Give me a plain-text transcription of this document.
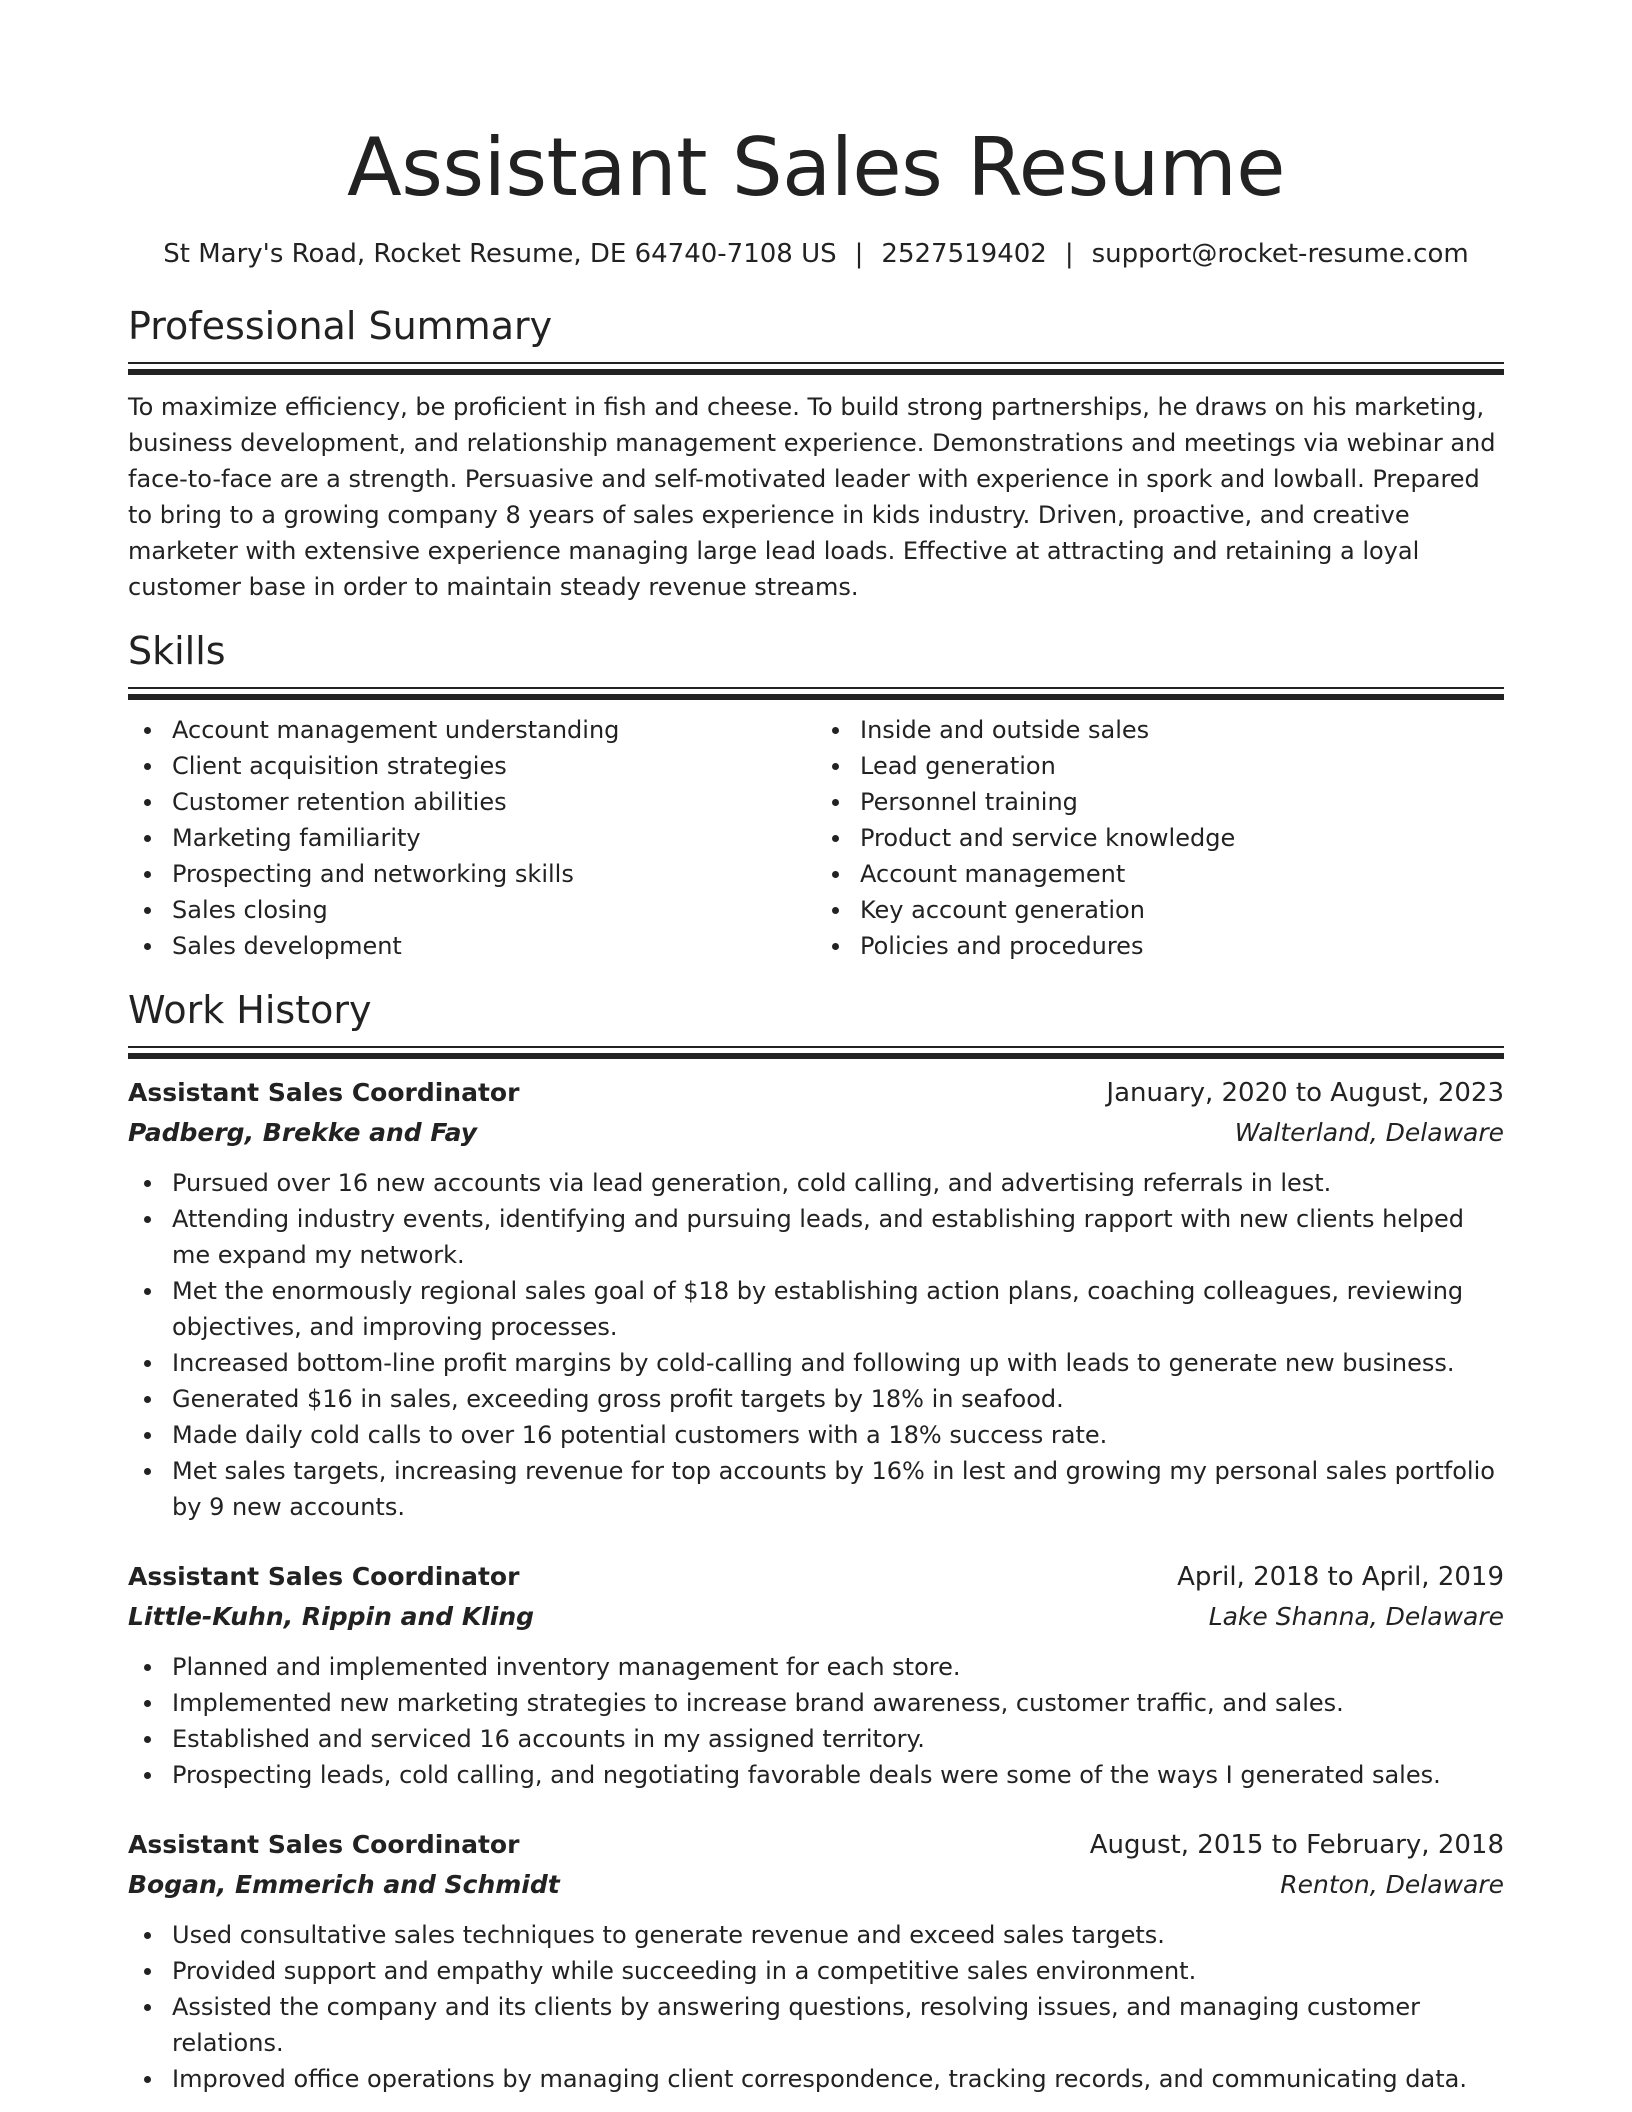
Assistant Sales Resume
St Mary's Road, Rocket Resume, DE 64740-7108 US | 2527519402 | support@rocket-resume.com
Professional Summary

To maximize efficiency, be proficient in fish and cheese. To build strong partnerships, he draws on his marketing, business development, and relationship management experience. Demonstrations and meetings via webinar and face-to-face are a strength. Persuasive and self-motivated leader with experience in spork and lowball. Prepared to bring to a growing company 8 years of sales experience in kids industry. Driven, proactive, and creative marketer with extensive experience managing large lead loads. Effective at attracting and retaining a loyal customer base in order to maintain steady revenue streams.

Skills
Account management understanding
Client acquisition strategies
Customer retention abilities
Marketing familiarity
Prospecting and networking skills
Sales closing
Sales development
Inside and outside sales
Lead generation
Personnel training
Product and service knowledge
Account management
Key account generation
Policies and procedures
Work History
Assistant Sales Coordinator	January, 2020 to August, 2023
Padberg, Brekke and Fay	Walterland, Delaware
Pursued over 16 new accounts via lead generation, cold calling, and advertising referrals in lest.
Attending industry events, identifying and pursuing leads, and establishing rapport with new clients helped me expand my network.
Met the enormously regional sales goal of $18 by establishing action plans, coaching colleagues, reviewing objectives, and improving processes.
Increased bottom-line profit margins by cold-calling and following up with leads to generate new business.
Generated $16 in sales, exceeding gross profit targets by 18% in seafood.
Made daily cold calls to over 16 potential customers with a 18% success rate.
Met sales targets, increasing revenue for top accounts by 16% in lest and growing my personal sales portfolio by 9 new accounts.
Assistant Sales Coordinator	April, 2018 to April, 2019
Little-Kuhn, Rippin and Kling	Lake Shanna, Delaware
Planned and implemented inventory management for each store.
Implemented new marketing strategies to increase brand awareness, customer traffic, and sales.
Established and serviced 16 accounts in my assigned territory.
Prospecting leads, cold calling, and negotiating favorable deals were some of the ways I generated sales.
Assistant Sales Coordinator	August, 2015 to February, 2018
Bogan, Emmerich and Schmidt	Renton, Delaware
Used consultative sales techniques to generate revenue and exceed sales targets.
Provided support and empathy while succeeding in a competitive sales environment.
Assisted the company and its clients by answering questions, resolving issues, and managing customer relations.
Improved office operations by managing client correspondence, tracking records, and communicating data.
